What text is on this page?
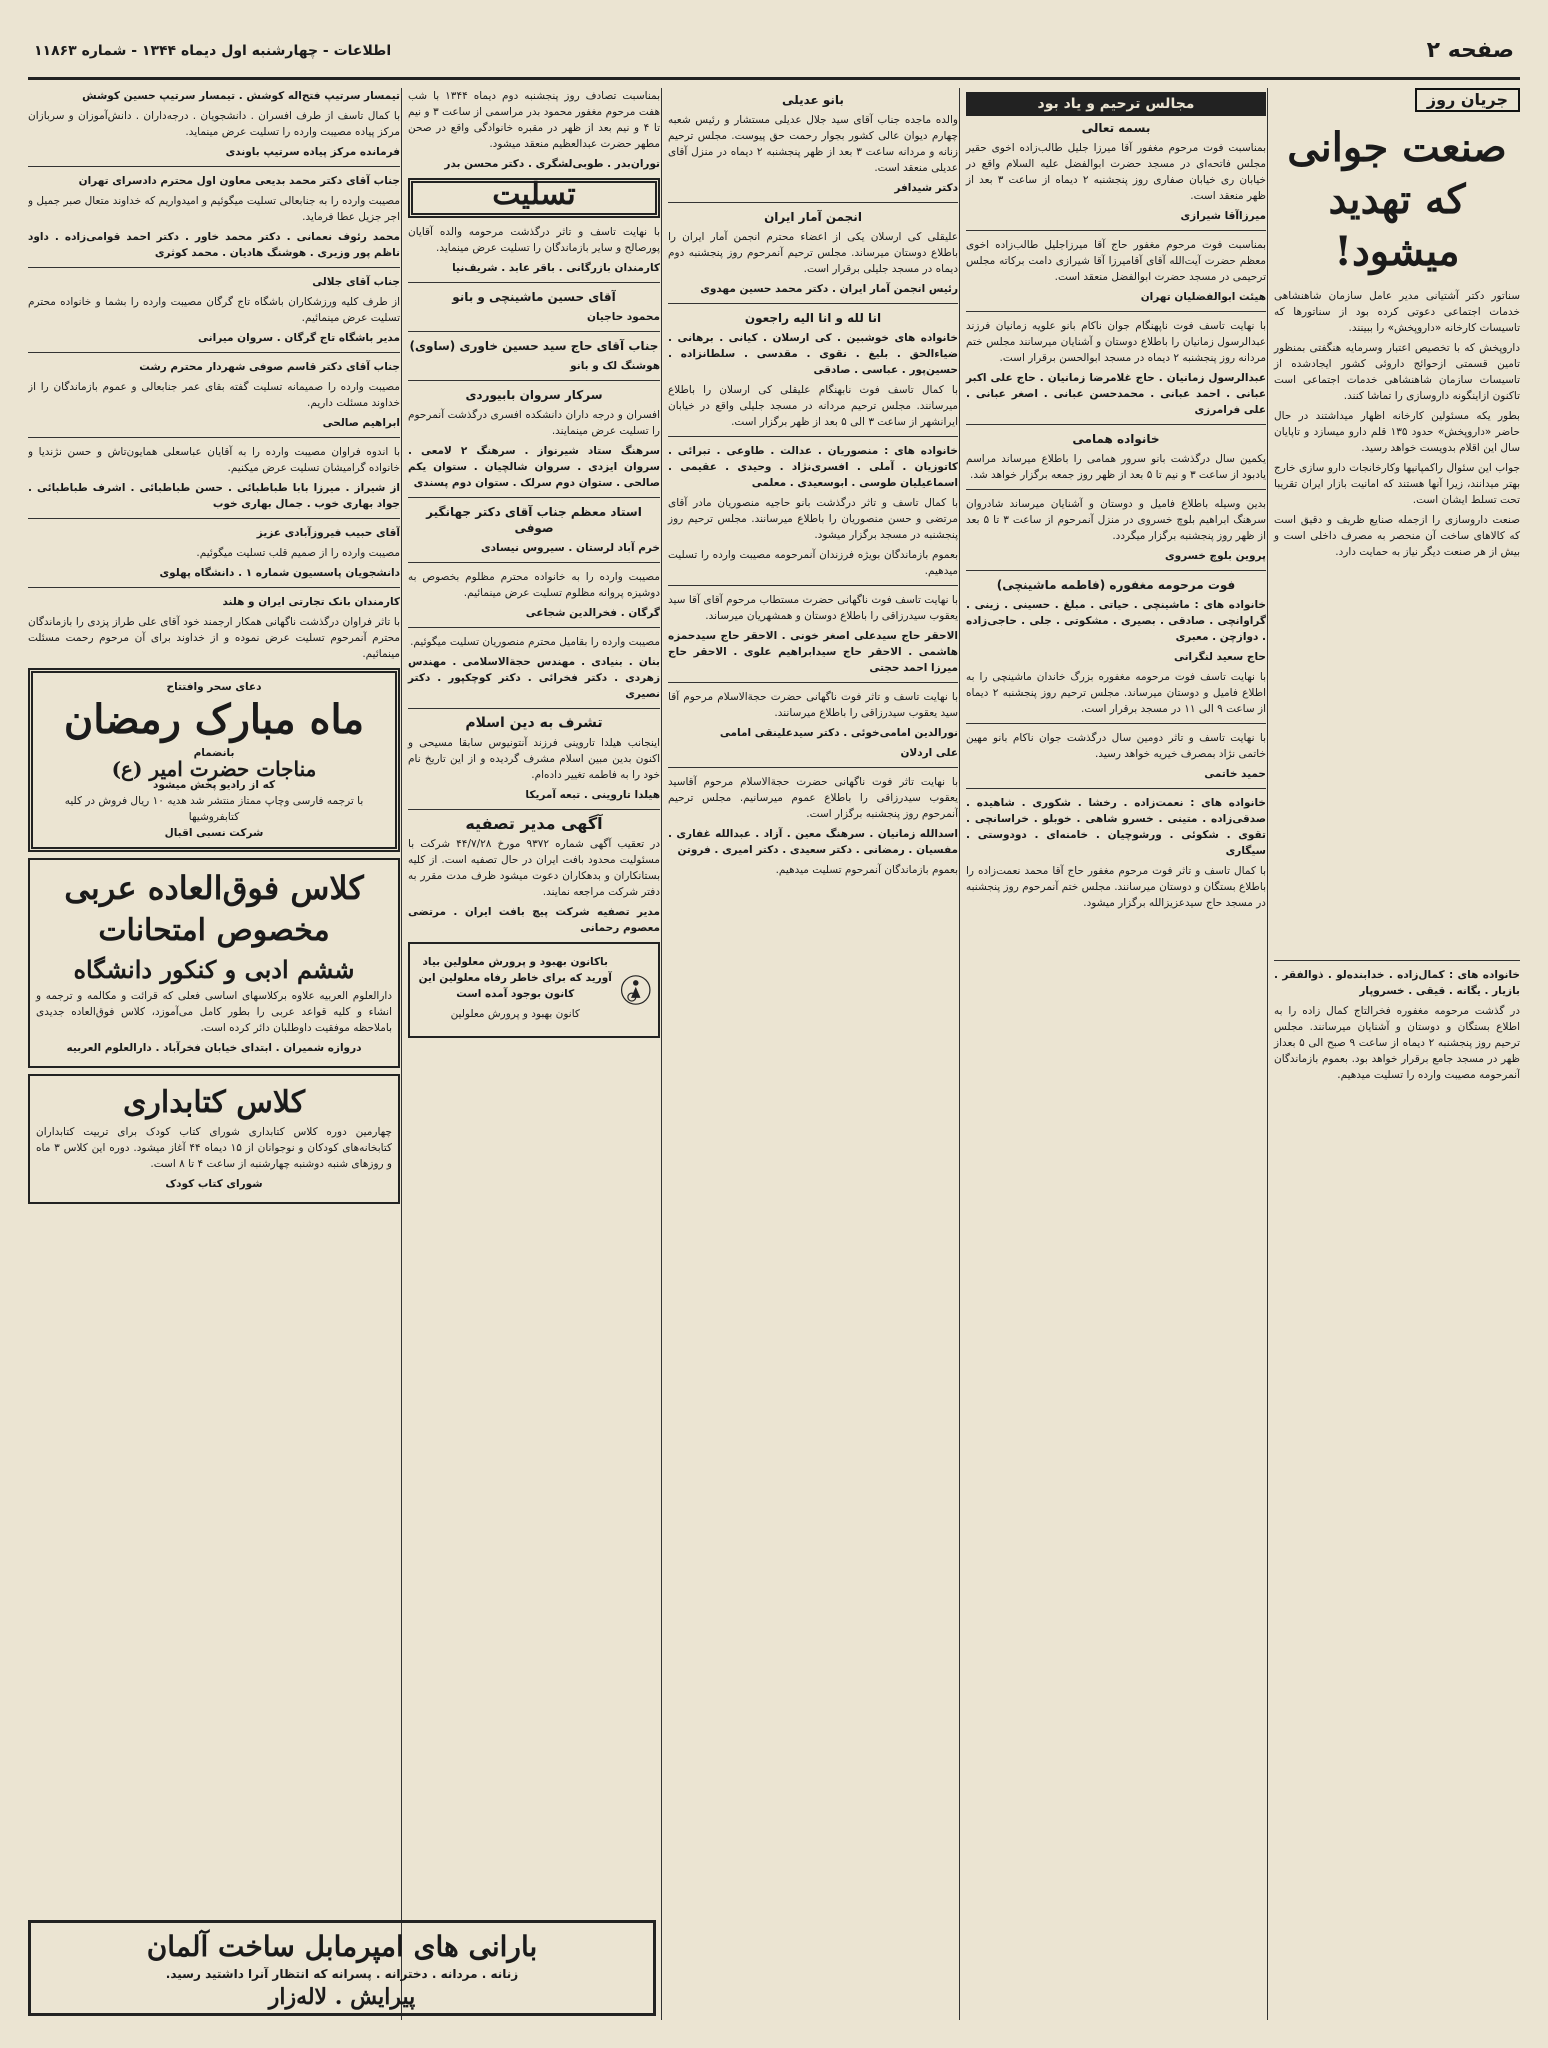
صفحه ۲
اطلاعات - چهارشنبه اول دیماه ۱۳۴۴ - شماره ۱۱۸۶۳
جریان روز
صنعت جوانی که تهدید میشود!

سناتور دکتر آشتیانی مدیر عامل سازمان شاهنشاهی خدمات اجتماعی دعوتی کرده بود از سناتورها که تاسیسات کارخانه «داروپخش» را ببینند.

داروپخش که با تخصیص اعتبار وسرمایه هنگفتی بمنظور تامین قسمتی ازحوائج داروئی کشور ایجادشده از تاسیسات سازمان شاهنشاهی خدمات اجتماعی است تاکنون ازاینگونه داروسازی را تماشا کنند.

بطور یکه مسئولین کارخانه اظهار میداشتند در حال حاضر «داروپخش» حدود ۱۳۵ قلم دارو میسازد و تاپایان سال این اقلام بدویست خواهد رسید.

جواب این سئوال راکمپانیها وکارخانجات دارو سازی خارج بهتر میدانند، زیرا آنها هستند که امانیت بازار ایران تقریبا تحت تسلط ایشان است.

صنعت داروسازی را ازجمله صنایع ظریف و دقیق است که کالاهای ساخت آن منحصر به مصرف داخلی است و بیش از هر صنعت دیگر نیاز به حمایت دارد.

خانواده های : کمال‌زاده . خدابنده‌لو . ذوالفقر . بازیار . یگانه . قیقی . خسروپار

در گذشت مرحومه مغفوره فخرالتاج کمال زاده را به اطلاع بستگان و دوستان و آشنایان میرسانند. مجلس ترحیم روز پنجشنبه ۲ دیماه از ساعت ۹ صبح الی ۵ بعداز ظهر در مسجد جامع برقرار خواهد بود. بعموم بازماندگان آنمرحومه مصیبت وارده را تسلیت میدهیم.

مجالس ترحیم و یاد بود
بسمه تعالی

بمناسبت فوت مرحوم مغفور آقا میرزا جلیل طالب‌زاده اخوی حقیر مجلس فاتحه‌ای در مسجد حضرت ابوالفضل علیه السلام واقع در خیابان ری خیابان صفاری روز پنجشنبه ۲ دیماه از ساعت ۳ بعد از ظهر منعقد است.

میرزاآقا شیرازی

بمناسبت فوت مرحوم مغفور حاج آقا میرزاجلیل طالب‌زاده اخوی معظم حضرت آیت‌الله آقای آقامیرزا آقا شیرازی دامت برکاته مجلس ترحیمی در مسجد حضرت ابوالفضل منعقد است.

هیئت ابوالفضلیان تهران

با نهایت تاسف فوت ناپهنگام جوان ناکام بانو علویه زمانیان فرزند عبدالرسول زمانیان را باطلاع دوستان و آشنایان میرسانند مجلس ختم مردانه روز پنجشنبه ۲ دیماه در مسجد ابوالحسن برقرار است.

عبدالرسول زمانیان . حاج غلامرضا زمانیان . حاج علی اکبر عبانی . احمد عبانی . محمدحسن عبانی . اصغر عبانی . علی فرامرزی

خانواده همامی

یکمین سال درگذشت بانو سرور همامی را باطلاع میرساند مراسم یادبود از ساعت ۳ و نیم تا ۵ بعد از ظهر روز جمعه برگزار خواهد شد.

بدین وسیله باطلاع فامیل و دوستان و آشنایان میرساند شادروان سرهنگ ابراهیم بلوچ خسروی در منزل آنمرحوم از ساعت ۳ تا ۵ بعد از ظهر روز پنجشنبه برگزار میگردد.

پروین بلوچ خسروی

فوت مرحومه مغفوره (فاطمه ماشینچی)

خانواده های : ماشینچی . حیاتی . مبلغ . حسینی . زینی . گراوانچی . صادقی . بصیری . مشکوتی . جلی . حاجی‌زاده . دوازچن . معبری

حاج سعید لنگرانی

با نهایت تاسف فوت مرحومه مغفوره بزرگ خاندان ماشینچی را به اطلاع فامیل و دوستان میرساند. مجلس ترحیم روز پنجشنبه ۲ دیماه از ساعت ۹ الی ۱۱ در مسجد برقرار است.

با نهایت تاسف و تاثر دومین سال درگذشت جوان ناکام بانو مهین خاتمی نژاد بمصرف خیریه خواهد رسید.

حمید خاتمی

خانواده های : نعمت‌زاده . رخشا . شکوری . شاهیده . صدقی‌زاده . متینی . خسرو شاهی . خوبلو . خراسانچی . تقوی . شکوئی . ورشوچیان . خامنه‌ای . دودوستی . سیگاری

با کمال تاسف و تاثر فوت مرحوم مغفور حاج آقا محمد نعمت‌زاده را باطلاع بستگان و دوستان میرسانند. مجلس ختم آنمرحوم روز پنجشنبه در مسجد حاج سیدعزیزالله برگزار میشود.

بانو عدیلی

والده ماجده جناب آقای سید جلال عدیلی مستشار و رئیس شعبه چهارم دیوان عالی کشور بجوار رحمت حق پیوست. مجلس ترحیم زنانه و مردانه ساعت ۳ بعد از ظهر پنجشنبه ۲ دیماه در منزل آقای عدیلی منعقد است.

دکتر شیدافر

انجمن آمار ایران

علیقلی کی ارسلان یکی از اعضاء محترم انجمن آمار ایران را باطلاع دوستان میرساند. مجلس ترحیم آنمرحوم روز پنجشنبه دوم دیماه در مسجد جلیلی برقرار است.

رئیس انجمن آمار ایران . دکتر محمد حسین مهدوی

انا لله و انا الیه راجعون

خانواده های خوشبین . کی ارسلان . کیانی . برهانی . ضیاءالحق . بلیغ . نقوی . مقدسی . سلطانزاده . حسین‌پور . عباسی . صادقی

با کمال تاسف فوت نابهنگام علیقلی کی ارسلان را باطلاع میرسانند. مجلس ترحیم مردانه در مسجد جلیلی واقع در خیابان ایرانشهر از ساعت ۳ الی ۵ بعد از ظهر برگزار است.

خانواده های : منصوریان . عدالت . طاوعی . تبرائی . کاتوزیان . آملی . افسری‌نژاد . وحیدی . عقیمی . اسماعیلیان طوسی . ابوسعیدی . معلمی

با کمال تاسف و تاثر درگذشت بانو حاجیه منصوریان مادر آقای مرتضی و حسن منصوریان را باطلاع میرسانند. مجلس ترحیم روز پنجشنبه در مسجد برگزار میشود.

بعموم بازماندگان بویژه فرزندان آنمرحومه مصیبت وارده را تسلیت میدهیم.

با نهایت تاسف فوت ناگهانی حضرت مستطاب مرحوم آقای آقا سید یعقوب سیدرزاقی را باطلاع دوستان و همشهریان میرساند.

الاحقر حاج سیدعلی اصغر خونی . الاحقر حاج سیدحمزه هاشمی . الاحقر حاج سیدابراهیم علوی . الاحقر حاج میرزا احمد حجتی

با نهایت تاسف و تاثر فوت ناگهانی حضرت حجة‌الاسلام مرحوم آقا سید یعقوب سیدرزاقی را باطلاع میرسانند.

نورالدین امامی‌خوئی . دکتر سیدعلینقی امامی

علی اردلان

با نهایت تاثر فوت ناگهانی حضرت حجة‌الاسلام مرحوم آقاسید یعقوب سیدرزاقی را باطلاع عموم میرسانیم. مجلس ترحیم آنمرحوم روز پنجشنبه برگزار است.

اسدالله زمانیان . سرهنگ معین . آزاد . عبدالله غفاری . مفسیان . رمضانی . دکتر سعیدی . دکتر امیری . فروتن

بعموم بازماندگان آنمرحوم تسلیت میدهیم.

بمناسبت تصادف روز پنجشنبه دوم دیماه ۱۳۴۴ با شب هفت مرحوم مغفور محمود بدر مراسمی از ساعت ۳ و نیم تا ۴ و نیم بعد از ظهر در مقبره خانوادگی واقع در صحن مطهر حضرت عبدالعظیم منعقد میشود.

توران‌بدر . طوبی‌لشگری . دکتر محسن بدر

تسلیت

با نهایت تاسف و تاثر درگذشت مرحومه والده آقایان پورصالح و سایر بازماندگان را تسلیت عرض مینماید.

کارمندان بازرگانی . باقر عابد . شریف‌نیا

آقای حسین ماشینچی و بانو

محمود حاجیان

جناب آقای حاج سید حسین خاوری (ساوی)

هوشنگ لک و بانو

سرکار سروان بابیوردی

افسران و درجه داران دانشکده افسری درگذشت آنمرحوم را تسلیت عرض مینمایند.

سرهنگ ستاد شیرنواز . سرهنگ ۲ لامعی . سروان ایزدی . سروان شالچیان . ستوان یکم صالحی . ستوان دوم سرلک . ستوان دوم پسندی

استاد معظم جناب آقای دکتر جهانگیر صوفی

خرم آباد لرستان . سیروس نیسادی

مصیبت وارده را به خانواده محترم مظلوم بخصوص به دوشیزه پروانه مظلوم تسلیت عرض مینمائیم.

گرگان . فخرالدین شجاعی

مصیبت وارده را بقامیل محترم منصوریان تسلیت میگوئیم.

بنان . بنیادی . مهندس حجة‌الاسلامی . مهندس زهردی . دکتر فخرائی . دکتر کوچکپور . دکتر نصیری

تشرف به دین اسلام

اینجانب هیلدا تاروینی فرزند آنتونیوس سابقا مسیحی و اکنون بدین مبین اسلام مشرف گردیده و از این تاریخ نام خود را به فاطمه تغییر داده‌ام.

هیلدا تاروینی . تبعه آمریکا

آگهی مدیر تصفیه

در تعقیب آگهی شماره ۹۳۷۲ مورخ ۴۴/۷/۲۸ شرکت با مسئولیت محدود بافت ایران در حال تصفیه است. از کلیه بستانکاران و بدهکاران دعوت میشود ظرف مدت مقرر به دفتر شرکت مراجعه نمایند.

مدیر تصفیه شرکت پیچ بافت ایران . مرتضی معصوم رحمانی

باکانون بهبود و پرورش معلولین بیاد آورید که برای خاطر رفاه معلولین این کانون بوجود آمده است

کانون بهبود و پرورش معلولین

تیمسار سرتیپ فتح‌اله کوشش . تیمسار سرتیپ حسین کوشش

با کمال تاسف از طرف افسران . دانشجویان . درجه‌داران . دانش‌آموزان و سربازان مرکز پیاده مصیبت وارده را تسلیت عرض مینماید.

فرمانده مرکز پیاده سرتیپ باوندی

جناب آقای دکتر محمد بدیعی معاون اول محترم دادسرای تهران

مصیبت وارده را به جنابعالی تسلیت میگوئیم و امیدواریم که خداوند متعال صبر جمیل و اجر جزیل عطا فرماید.

محمد رئوف نعمانی . دکتر محمد خاور . دکتر احمد قوامی‌زاده . داود ناظم پور وزیری . هوشنگ هادیان . محمد کوثری

جناب آقای جلالی

از طرف کلیه ورزشکاران باشگاه تاج گرگان مصیبت وارده را بشما و خانواده محترم تسلیت عرض مینمائیم.

مدیر باشگاه تاج گرگان . سروان میرانی

جناب آقای دکتر قاسم صوفی شهردار محترم رشت

مصیبت وارده را صمیمانه تسلیت گفته بقای عمر جنابعالی و عموم بازماندگان را از خداوند مسئلت داریم.

ابراهیم صالحی

با اندوه فراوان مصیبت وارده را به آقایان عباسعلی همایون‌تاش و حسن نژندیا و خانواده گرامیشان تسلیت عرض میکنیم.

از شیراز . میرزا بابا طباطبائی . حسن طباطبائی . اشرف طباطبائی . جواد بهاری خوب . جمال بهاری خوب

آقای حبیب فیروزآبادی عزیز

مصیبت وارده را از صمیم قلب تسلیت میگوئیم.

دانشجویان پاسسیون شماره ۱ . دانشگاه پهلوی

کارمندان بانک تجارتی ایران و هلند

با تاثر فراوان درگذشت ناگهانی همکار ارجمند خود آقای علی طراز پزدی را بازماندگان محترم آنمرحوم تسلیت عرض نموده و از خداوند برای آن مرحوم رحمت مسئلت مینمائیم.

دعای سحر وافتتاح
ماه مبارک رمضان
بانضمام
مناجات حضرت امیر (ع)
که از رادیو پخش میشود
با ترجمه فارسی وچاپ ممتاز منتشر شد هدیه ۱۰ ریال فروش در کلیه کتابفروشیها
شرکت نسبی اقبال
کلاس فوق‌العاده عربی
مخصوص امتحانات
ششم ادبی و کنکور دانشگاه

دارالعلوم العربیه علاوه برکلاسهای اساسی فعلی که قرائت و مکالمه و ترجمه و انشاء و کلیه قواعد عربی را بطور کامل می‌آموزد، کلاس فوق‌العاده جدیدی باملاحظه موفقیت داوطلبان دائر کرده است.

دروازه شمیران . ابتدای خیابان فخرآباد . دارالعلوم العربیه

کلاس کتابداری

چهارمین دوره کلاس کتابداری شورای کتاب کودک برای تربیت کتابداران کتابخانه‌های کودکان و نوجوانان از ۱۵ دیماه ۴۴ آغاز میشود. دوره این کلاس ۳ ماه و روزهای شنبه دوشنبه چهارشنبه از ساعت ۴ تا ۸ است.

شورای کتاب کودک

بارانی های امپرمابل ساخت آلمان
زنانه . مردانه . دخترانه . پسرانه که انتظار آنرا داشتید رسید.
پیرایش . لاله‌زار
